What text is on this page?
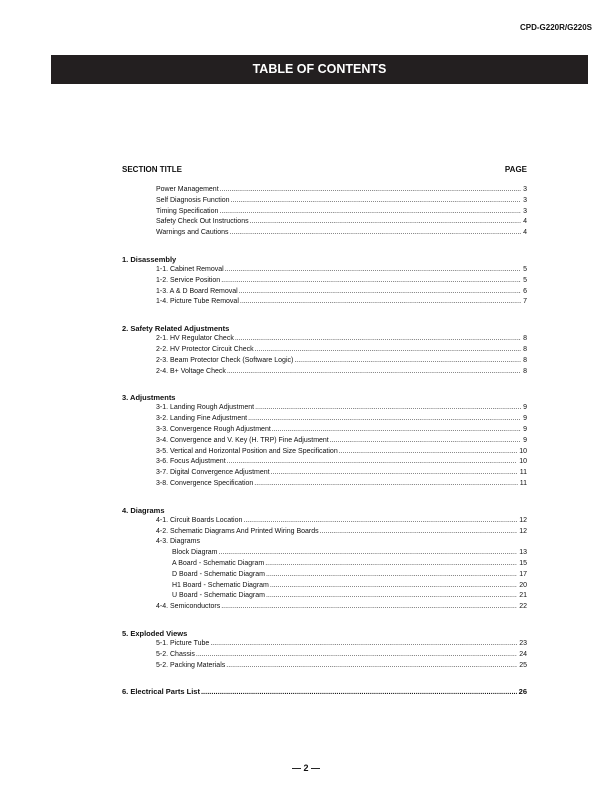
CPD-G220R/G220S
TABLE OF CONTENTS
SECTION TITLE	PAGE
Power Management .....	3
Self Diagnosis Function .....	3
Timing Specification .....	3
Safety Check Out Instructions .....	4
Warnings and Cautions .....	4
1. Disassembly
1-1. Cabinet Removal .....	5
1-2. Service Position .....	5
1-3. A & D Board Removal .....	6
1-4. Picture Tube Removal .....	7
2. Safety Related Adjustments
2-1. HV Regulator Check .....	8
2-2. HV Protector Circuit Check .....	8
2-3. Beam Protector Check (Software Logic) .....	8
2-4. B+ Voltage Check .....	8
3. Adjustments
3-1. Landing Rough Adjustment .....	9
3-2. Landing Fine Adjustment .....	9
3-3. Convergence Rough Adjustment .....	9
3-4. Convergence and V. Key (H. TRP) Fine Adjustment .....	9
3-5. Vertical and Horizontal Position and Size Specification .....	10
3-6. Focus Adjustment .....	10
3-7. Digital Convergence Adjustment .....	11
3-8. Convergence Specification .....	11
4. Diagrams
4-1. Circuit Boards Location .....	12
4-2. Schematic Diagrams And Printed Wiring Boards .....	12
4-3. Diagrams
Block Diagram .....	13
A Board - Schematic Diagram .....	15
D Board - Schematic Diagram .....	17
H1 Board - Schematic Diagram .....	20
U Board - Schematic Diagram .....	21
4-4. Semiconductors .....	22
5. Exploded Views
5-1. Picture Tube .....	23
5-2. Chassis .....	24
5-2. Packing Materials .....	25
6. Electrical Parts List .....	26
— 2 —
